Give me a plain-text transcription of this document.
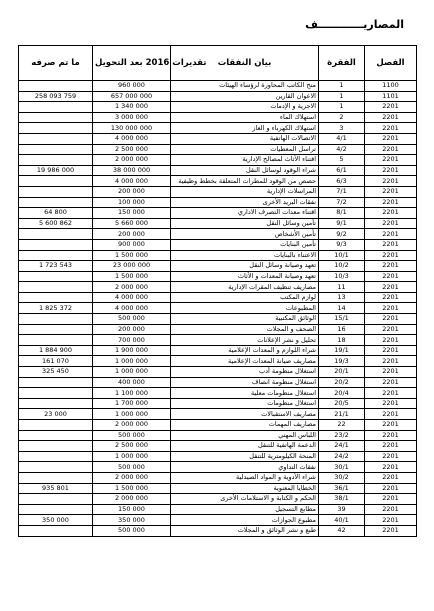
المصاريــــــــــــف
ما تم صرفه	تقديرات 2016 بعد التحويل	بيان النفقات	الفقرة	الفصل
	960 000	منح الكاتب المحاورة لرؤساء الهيئات	1	1100
258 093 759	657 000 000	الاعوان القارين	1	1101
	1 340 000	الاجرية و الإدمات	1	2201
	3 000 000	استهلاك الماء	2	2201
	130 000 000	استهلاك الكهرباء و الغاز	3	2201
	4 000 000	الاتصالات الهاتفية	4/1	2201
	2 500 000	تراسل المعطيات	4/2	2201
	2 000 000	اقتناء الأثاث لمصالح الإدارية	5	2201
19 986 000	38 000 000	شراء الوقود لوسائل النقل	6/1	2201
	4 000 000	حصص من الوقود للمطرات المتعلقة بخطط وظيفية	6/3	2201
	200 000	المراسلات الإدارية	7/1	2201
	100 000	نفقات البريد الأخرى	7/2	2201
64 800	150 000	اقتناء معدات التصرف الاداري	8/1	2201
5 600 862	5 660 000	تأمين وسائل النقل	9/1	2201
	200 000	تأمين الأشخاص	9/2	2201
	900 000	تأمين البنايات	9/3	2201
	1 500 000	الاعتناء بالبنايات	10/1	2201
1 723 543	23 000 000	تعهد وصيانة وسائل النقل	10/2	2201
	1 500 000	تعهد وصيانة المعدات و الأثاث	10/3	2201
	2 000 000	مصاريف تنظيف المقرات الإدارية	11	2201
	4 000 000	لوازم المكتب	13	2201
1 825 372	4 000 000	المطبوعات	14	2201
	500 000	الوثائق المكتبية	15/1	2201
	200 000	الصحف و المجلات	16	2201
	700 000	تحليل و نشر الإعلانات	18	2201
1 884 900	1 900 000	شراء اللوازم و المعدات الإعلامية	19/1	2201
161 070	1 000 000	مصاريف صيانة المعدات الإعلامية	19/3	2201
325 450	1 000 000	استغلال منظومة أدب	20/1	2201
	400 000	استغلال منظومة انصاف	20/2	2201
	1 100 000	استغلال منظومات معلية	20/4	2201
	1 700 000	استغلال منظومات	20/5	2201
23 000	1 000 000	مصاريف الاستقبالات	21/1	2201
	2 000 000	مصاريف المهمات	22	2201
	500 000	اللباس المهني	23/2	2201
	2 500 000	الدعمة الهاتفية للتنقل	24/1	2201
	1 000 000	المنحة الكيلومترية للتنقل	24/2	2201
	500 000	نفقات التداوي	30/1	2201
	2 000 000	شراء الأدوية و المواد الصيدلية	30/2	2201
935 801	1 500 000	الخطايا المعنوية	36/1	2201
	2 000 000	الحكم و الكتابة و الاستلامات الأخرى	38/1	2201
	150 000	مطابع التسجيل	39	2201
350 000	350 000	مطبوع الجوازات	40/1	2201
	500 000	طبع و نشر الوثائق و المجلات	42	2201
